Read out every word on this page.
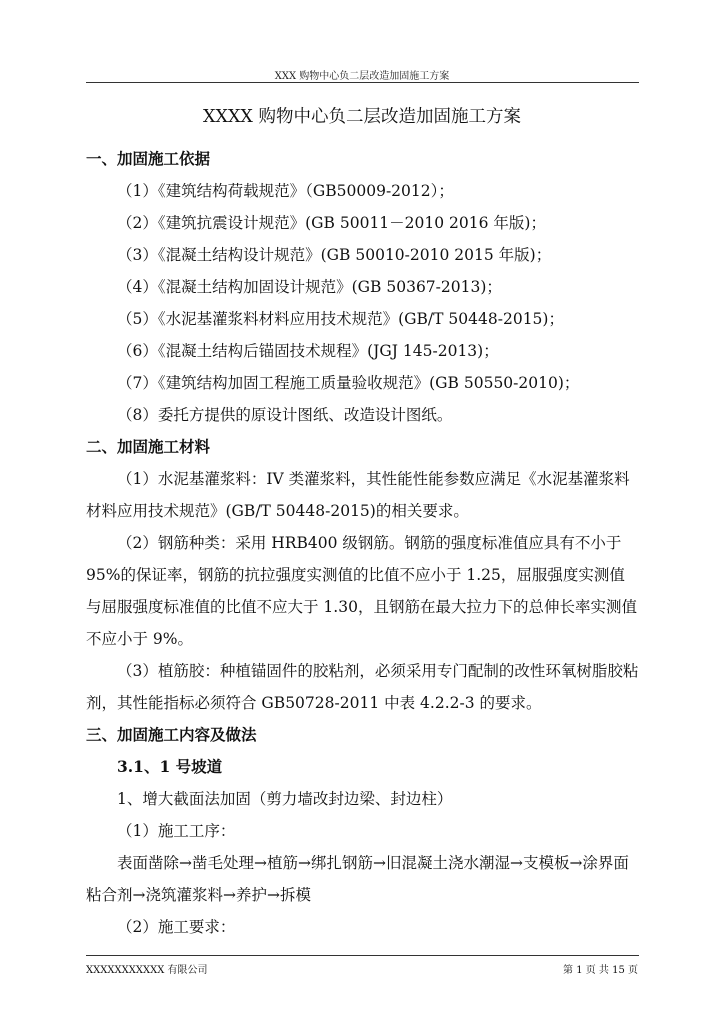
XXX 购物中心负二层改造加固施工方案
XXXX 购物中心负二层改造加固施工方案

一、加固施工依据

（1）《建筑结构荷载规范》（GB50009-2012）；

（2）《建筑抗震设计规范》(GB 50011－2010 2016 年版)；

（3）《混凝土结构设计规范》(GB 50010-2010 2015 年版)；

（4）《混凝土结构加固设计规范》(GB 50367-2013)；

（5）《水泥基灌浆料材料应用技术规范》(GB/T 50448-2015)；

（6）《混凝土结构后锚固技术规程》(JGJ 145-2013)；

（7）《建筑结构加固工程施工质量验收规范》(GB 50550-2010)；

（8）委托方提供的原设计图纸、改造设计图纸。

二、加固施工材料

（1）水泥基灌浆料：IV 类灌浆料，其性能性能参数应满足《水泥基灌浆料材料应用技术规范》(GB/T 50448-2015)的相关要求。

（2）钢筋种类：采用 HRB400 级钢筋。钢筋的强度标准值应具有不小于 95%的保证率，钢筋的抗拉强度实测值的比值不应小于 1.25，屈服强度实测值与屈服强度标准值的比值不应大于 1.30，且钢筋在最大拉力下的总伸长率实测值不应小于 9%。

（3）植筋胶：种植锚固件的胶粘剂，必须采用专门配制的改性环氧树脂胶粘剂，其性能指标必须符合 GB50728-2011 中表 4.2.2-3 的要求。

三、加固施工内容及做法

3.1、1 号坡道

1、增大截面法加固（剪力墙改封边梁、封边柱）

（1）施工工序：

表面凿除→凿毛处理→植筋→绑扎钢筋→旧混凝土浇水潮湿→支模板→涂界面粘合剂→浇筑灌浆料→养护→拆模

（2）施工要求：

XXXXXXXXXXX 有限公司	第 1 页 共 15 页
